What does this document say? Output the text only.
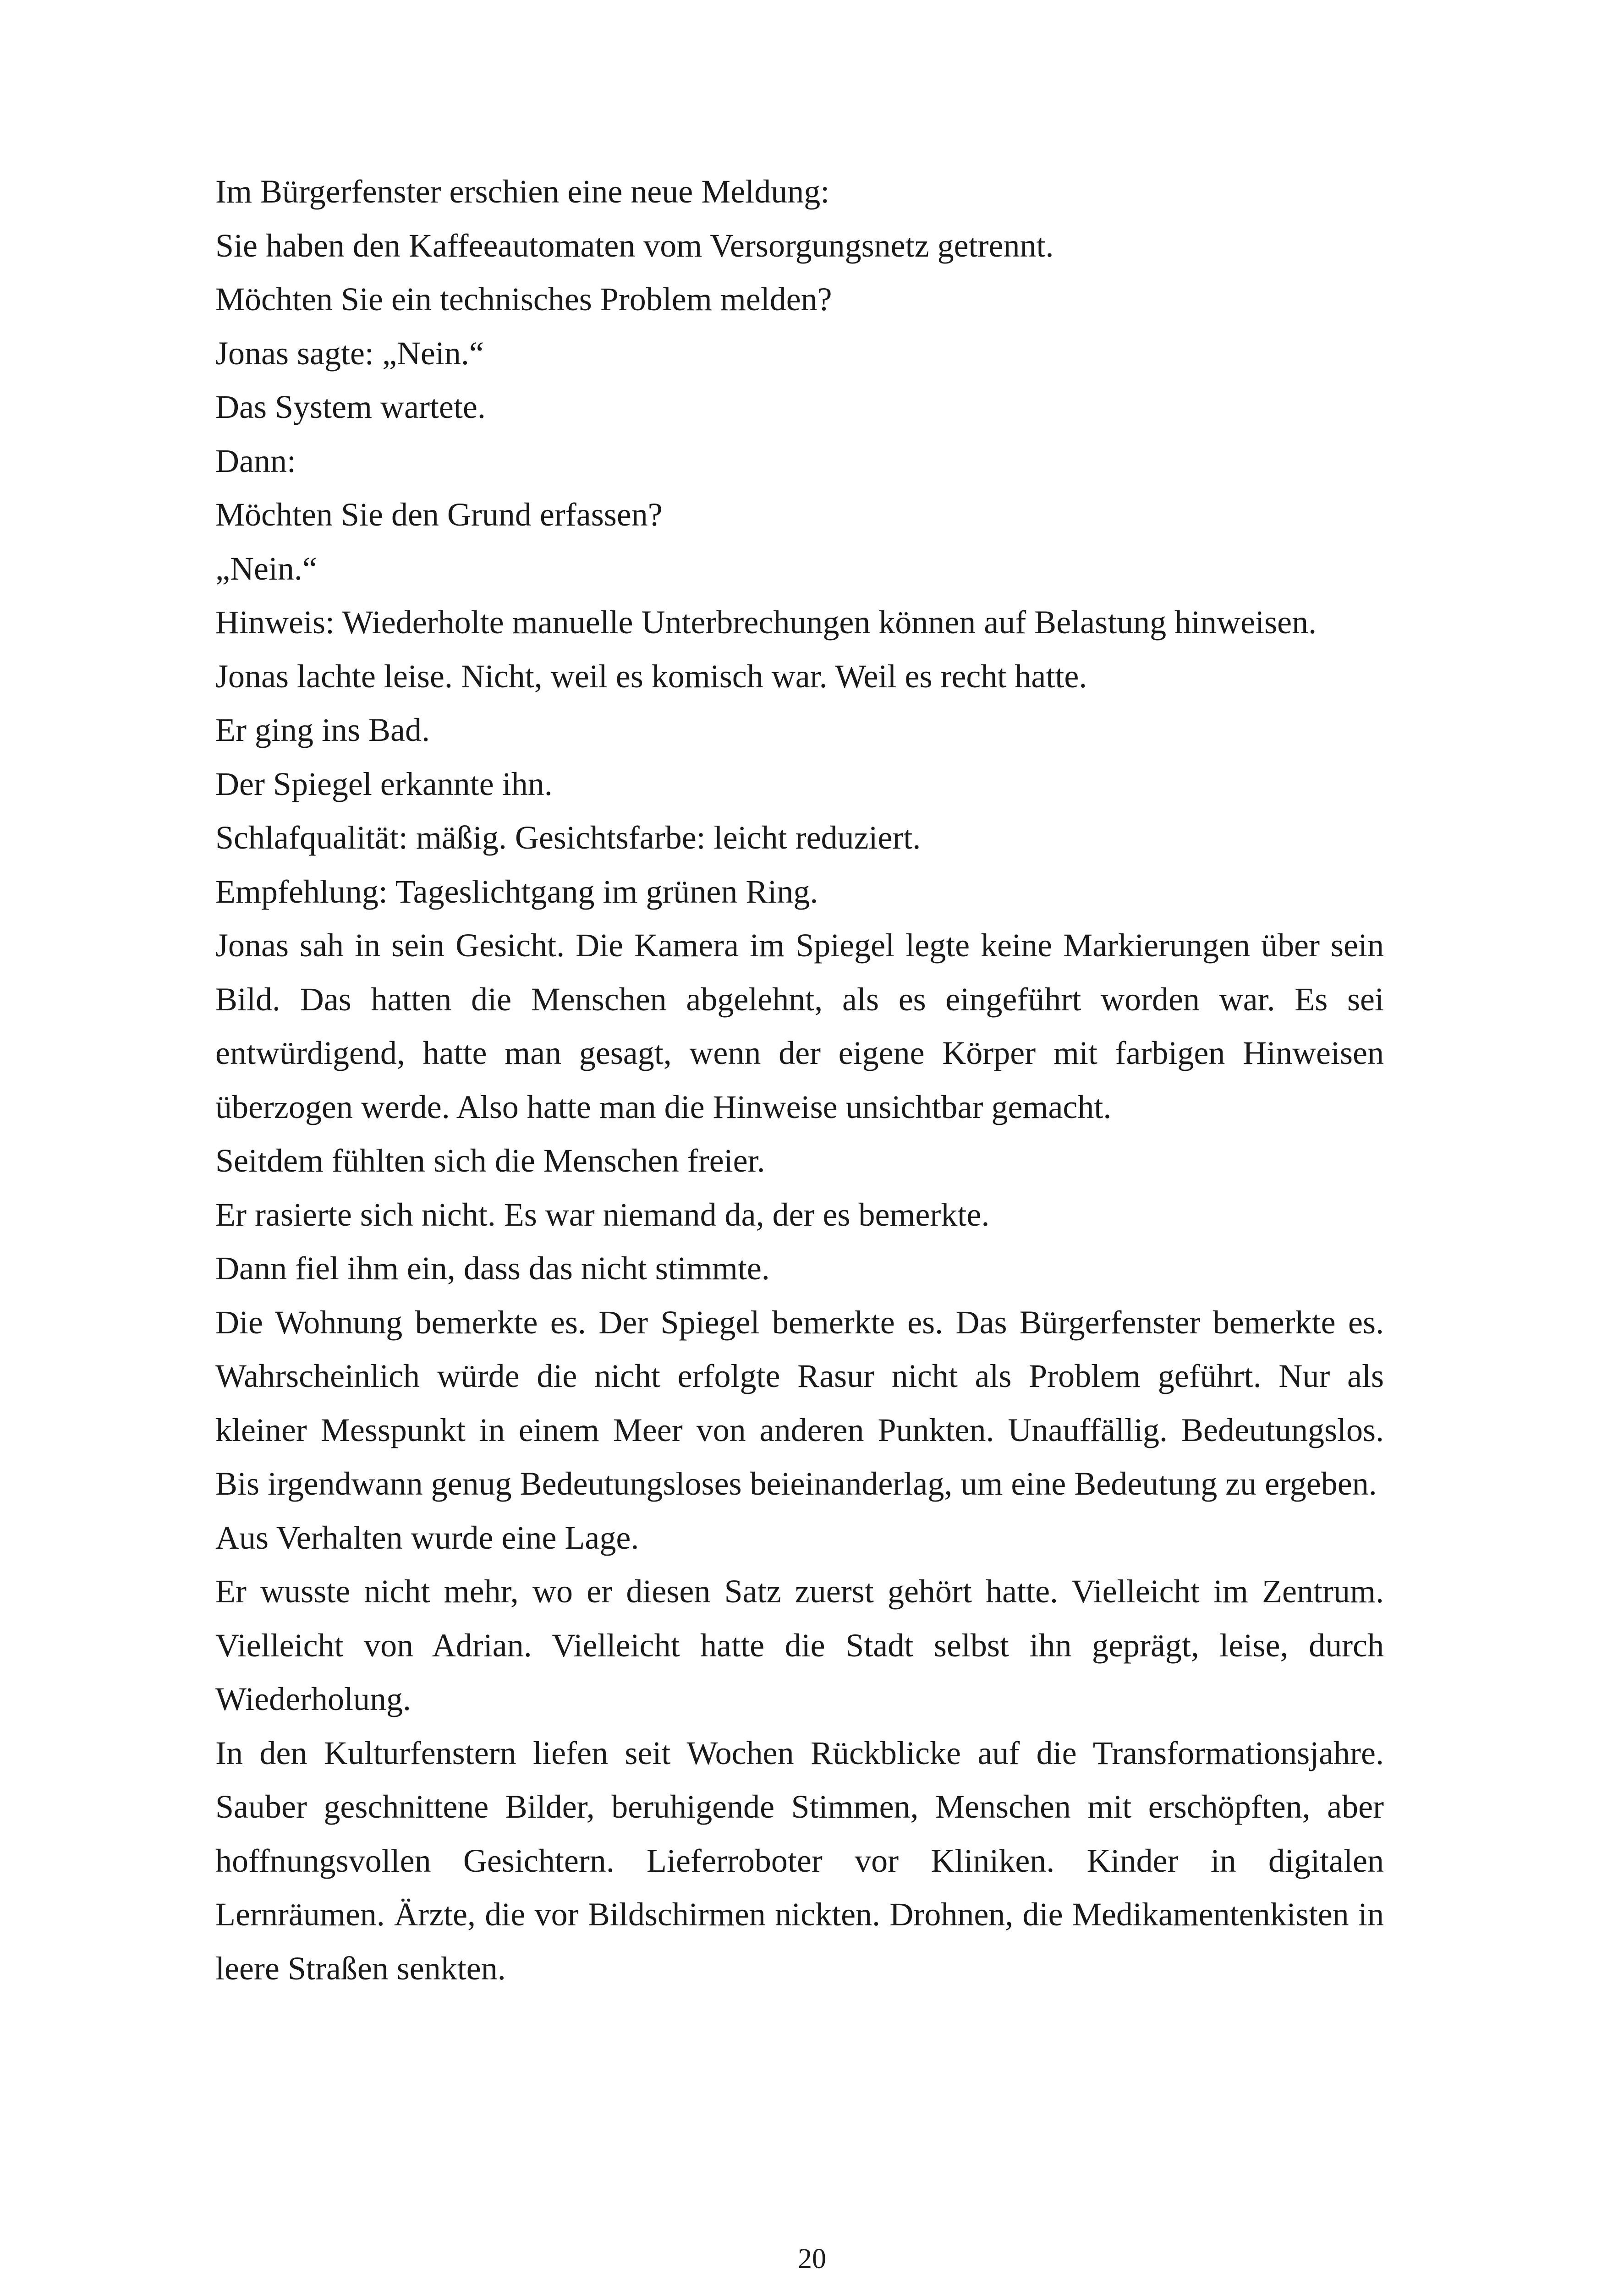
Im Bürgerfenster erschien eine neue Meldung:

Sie haben den Kaffeeautomaten vom Versorgungsnetz getrennt.

Möchten Sie ein technisches Problem melden?

Jonas sagte: „Nein.“

Das System wartete.

Dann:

Möchten Sie den Grund erfassen?

„Nein.“

Hinweis: Wiederholte manuelle Unterbrechungen können auf Belastung hinweisen.

Jonas lachte leise. Nicht, weil es komisch war. Weil es recht hatte.

Er ging ins Bad.

Der Spiegel erkannte ihn.

Schlafqualität: mäßig. Gesichtsfarbe: leicht reduziert.

Empfehlung: Tageslichtgang im grünen Ring.

Jonas sah in sein Gesicht. Die Kamera im Spiegel legte keine Markierungen über sein Bild. Das hatten die Menschen abgelehnt, als es eingeführt worden war. Es sei entwürdigend, hatte man gesagt, wenn der eigene Körper mit farbigen Hinweisen überzogen werde. Also hatte man die Hinweise unsichtbar gemacht.

Seitdem fühlten sich die Menschen freier.

Er rasierte sich nicht. Es war niemand da, der es bemerkte.

Dann fiel ihm ein, dass das nicht stimmte.

Die Wohnung bemerkte es. Der Spiegel bemerkte es. Das Bürgerfenster bemerkte es. Wahrscheinlich würde die nicht erfolgte Rasur nicht als Problem geführt. Nur als kleiner Messpunkt in einem Meer von anderen Punkten. Unauffällig. Bedeutungslos. Bis irgendwann genug Bedeutungsloses beieinanderlag, um eine Bedeutung zu ergeben.

Aus Verhalten wurde eine Lage.

Er wusste nicht mehr, wo er diesen Satz zuerst gehört hatte. Vielleicht im Zentrum. Vielleicht von Adrian. Vielleicht hatte die Stadt selbst ihn geprägt, leise, durch Wiederholung.

In den Kulturfenstern liefen seit Wochen Rückblicke auf die Transformationsjahre. Sauber geschnittene Bilder, beruhigende Stimmen, Menschen mit erschöpften, aber hoffnungsvollen Gesichtern. Lieferroboter vor Kliniken. Kinder in digitalen Lernräumen. Ärzte, die vor Bildschirmen nickten. Drohnen, die Medikamentenkisten in leere Straßen senkten.

20
